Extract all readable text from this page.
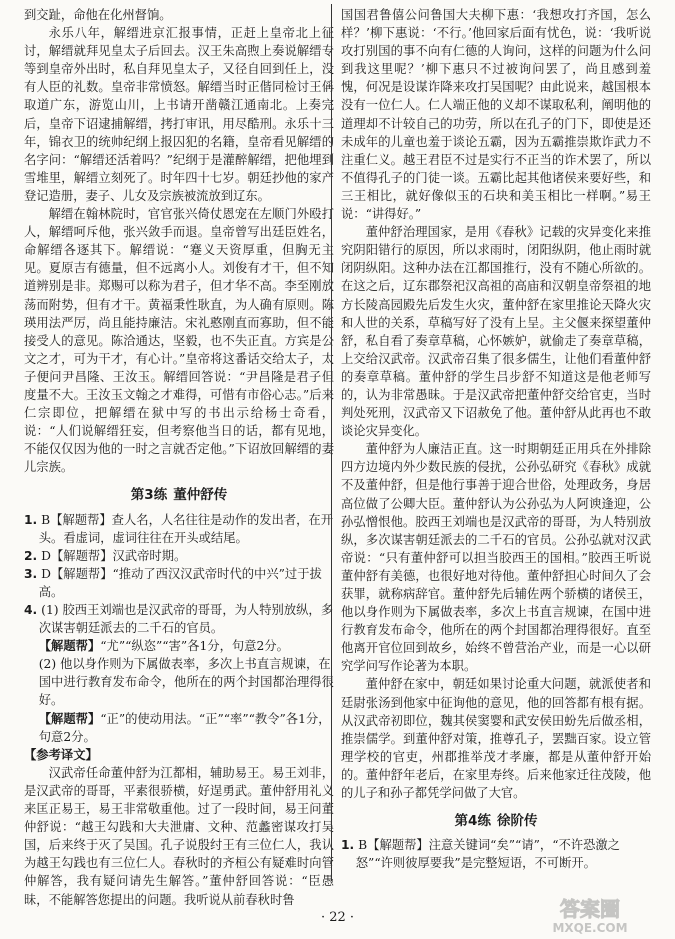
到交趾，命他在化州督饷。

永乐八年，解缙进京汇报事情，正赶上皇帝北上征讨，解缙就拜见皇太子后回去。汉王朱高煦上奏说解缙专等到皇帝外出时，私自拜见皇太子，又径自回到任上，没有人臣的礼数。皇帝非常愤怒。解缙当时正偕同检讨王偁取道广东，游览山川，上书请开凿赣江通南北。上奏完后，皇帝下诏逮捕解缙，拷打审讯，用尽酷刑。永乐十三年，锦衣卫的统帅纪纲上报囚犯的名籍，皇帝看见解缙的名字问：“解缙还活着吗？”纪纲于是灌醉解缙，把他埋到雪堆里，解缙立刻死了。时年四十七岁。朝廷抄他的家产登记造册，妻子、儿女及宗族被流放到辽东。

解缙在翰林院时，官官张兴倚仗恩宠在左顺门外殴打人，解缙呵斥他，张兴敛手而退。皇帝曾写出廷臣姓名，命解缙各逐其下。解缙说：“蹇义天资厚重，但胸无主见。夏原吉有德量，但不远离小人。刘俊有才干，但不知道辨别是非。郑赐可以称为君子，但才华不高。李至刚放荡而附势，但有才干。黄福秉性耿直，为人确有原则。陈瑛用法严厉，尚且能持廉洁。宋礼憨刚直而寡助，但不能接受人的意见。陈洽通达，坚毅，也不失正直。方宾是公文之才，可为干才，有心计。”皇帝将这番话交给太子，太子便问尹昌隆、王汝玉。解缙回答说：“尹昌隆是君子但度量不大。王汝玉文翰之才难得，可惜有市俗心志。”后来仁宗即位，把解缙在狱中写的书出示给杨士奇看，说：“人们说解缙狂妄，但考察他当日的话，都有见地，不能仅仅因为他的一时之言就否定他。”下诏放回解缙的妻儿宗族。

第3练 董仲舒传

1. B【解题帮】查人名，人名往往是动作的发出者，在开头。看虚词，虚词往往在开头或结尾。

2. D【解题帮】汉武帝时期。

3. D【解题帮】“推动了西汉汉武帝时代的中兴”过于拔高。

4. (1) 胶西王刘端也是汉武帝的哥哥，为人特别放纵，多次谋害朝廷派去的二千石的官员。

【解题帮】“尤”“纵恣”“害”各1分，句意2分。

(2) 他以身作则为下属做表率，多次上书直言规谏，在国中进行教育发布命令，他所在的两个封国都治理得很好。

【解题帮】“正”的使动用法。“正”“率”“教令”各1分，句意2分。

【参考译文】

汉武帝任命董仲舒为江都相，辅助易王。易王刘非，是汉武帝的哥哥，平素很骄横，好逞勇武。董仲舒用礼义来匡正易王，易王非常敬重他。过了一段时间，易王问董仲舒说：“越王勾践和大夫泄庸、文种、范蠡密谋攻打吴国，后来终于灭了吴国。孔子说殷纣王有三位仁人，我认为越王勾践也有三位仁人。春秋时的齐桓公有疑难时向管仲解答，我有疑问请先生解答。”董仲舒回答说：“臣愚昧，不能解答您提出的问题。我听说从前春秋时鲁

国国君鲁僖公问鲁国大夫柳下惠：‘我想攻打齐国，怎么样？’柳下惠说：‘不行。’他回家后面有忧色，说：‘我听说攻打别国的事不向有仁德的人询问，这样的问题为什么问到我这里呢？’柳下惠只不过被询问罢了，尚且感到羞愧，何况是设谋诈降来攻打吴国呢？由此说来，越国根本没有一位仁人。仁人端正他的义却不谋取私利，阐明他的道理却不计较自己的功劳，所以在孔子的门下，即使是还未成年的儿童也羞于谈论五霸，因为五霸推崇欺诈武力不注重仁义。越王君臣不过是实行不正当的诈术罢了，所以不值得孔子的门徒一谈。五霸比起其他诸侯来要好些，和三王相比，就好像似玉的石块和美玉相比一样啊。”易王说：“讲得好。”

董仲舒治理国家，是用《春秋》记载的灾异变化来推究阴阳错行的原因，所以求雨时，闭阳纵阴，他止雨时就闭阴纵阳。这种办法在江都国推行，没有不随心所欲的。在这之后，辽东郡祭祀汉高祖的高庙和汉朝皇帝祭祖的地方长陵高园殿先后发生火灾，董仲舒在家里推论天降火灾和人世的关系，草稿写好了没有上呈。主父偃来探望董仲舒，私自看了奏章草稿，心怀嫉妒，就偷走了奏章草稿，上交给汉武帝。汉武帝召集了很多儒生，让他们看董仲舒的奏章草稿。董仲舒的学生吕步舒不知道这是他老师写的，认为非常愚昧。于是汉武帝把董仲舒交给官吏，当时判处死刑，汉武帝又下诏赦免了他。董仲舒从此再也不敢谈论灾异变化。

董仲舒为人廉洁正直。这一时期朝廷正用兵在外排除四方边境内外少数民族的侵扰，公孙弘研究《春秋》成就不及董仲舒，但是他行事善于迎合世俗，处理政务，身居高位做了公卿大臣。董仲舒认为公孙弘为人阿谀逢迎，公孙弘憎恨他。胶西王刘端也是汉武帝的哥哥，为人特别放纵，多次谋害朝廷派去的二千石的官员。公孙弘就对汉武帝说：“只有董仲舒可以担当胶西王的国相。”胶西王听说董仲舒有美德，也很好地对待他。董仲舒担心时间久了会获罪，就称病辞官。董仲舒先后辅佐两个骄横的诸侯王，他以身作则为下属做表率，多次上书直言规谏，在国中进行教育发布命令，他所在的两个封国都治理得很好。直至他离开官位回到故乡，始终不曾营治产业，而是一心以研究学问写作论著为本职。

董仲舒在家中，朝廷如果讨论重大问题，就派使者和廷尉张汤到他家中征询他的意见，他的回答都有根有据。从汉武帝初即位，魏其侯窦婴和武安侯田蚡先后做丞相，推崇儒学。到董仲舒对策，推尊孔子，罢黜百家。设立管理学校的官吏，州郡推举茂才孝廉，都是从董仲舒开始的。董仲舒年老后，在家里寿终。后来他家迁往茂陵，他的儿子和孙子都凭学问做了大官。

第4练 徐阶传

1. B【解题帮】注意关键词“矣”“请”，“不许恐激之怒”“许则彼厚要我”是完整短语，不可断开。

· 22 ·	答案圈
MXQE.COM
